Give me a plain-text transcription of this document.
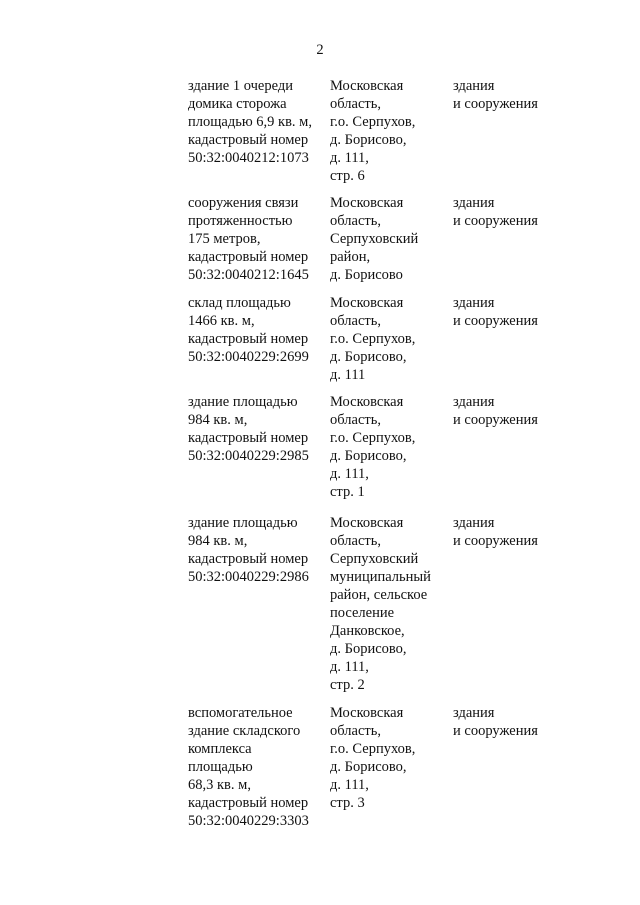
2
здание 1 очереди
домика сторожа
площадью 6,9 кв. м,
кадастровый номер
50:32:0040212:1073
Московская
область,
г.о. Серпухов,
д. Борисово,
д. 111,
стр. 6
здания
и сооружения
сооружения связи
протяженностью
175 метров,
кадастровый номер
50:32:0040212:1645
Московская
область,
Серпуховский
район,
д. Борисово
здания
и сооружения
склад площадью
1466 кв. м,
кадастровый номер
50:32:0040229:2699
Московская
область,
г.о. Серпухов,
д. Борисово,
д. 111
здания
и сооружения
здание площадью
984 кв. м,
кадастровый номер
50:32:0040229:2985
Московская
область,
г.о. Серпухов,
д. Борисово,
д. 111,
стр. 1
здания
и сооружения
здание площадью
984 кв. м,
кадастровый номер
50:32:0040229:2986
Московская
область,
Серпуховский
муниципальный
район, сельское
поселение
Данковское,
д. Борисово,
д. 111,
стр. 2
здания
и сооружения
вспомогательное
здание складского
комплекса
площадью
68,3 кв. м,
кадастровый номер
50:32:0040229:3303
Московская
область,
г.о. Серпухов,
д. Борисово,
д. 111,
стр. 3
здания
и сооружения
